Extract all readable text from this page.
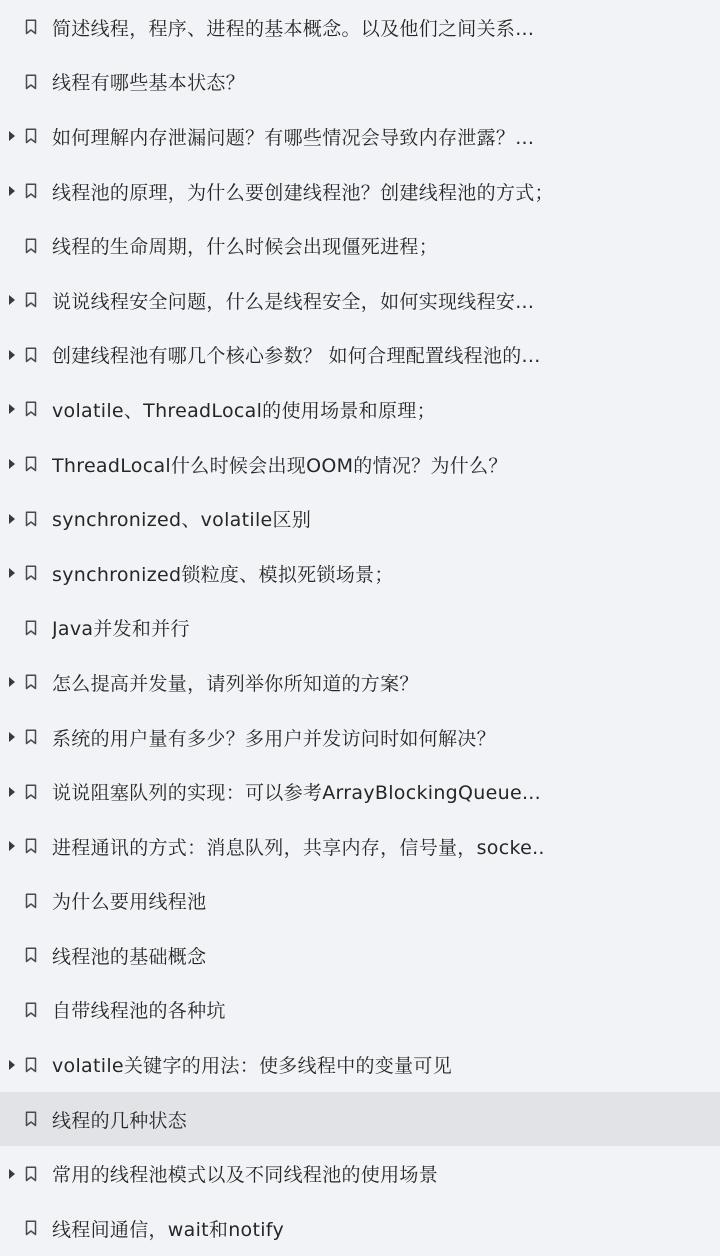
简述线程，程序、进程的基本概念。以及他们之间关系...
线程有哪些基本状态？
如何理解内存泄漏问题？有哪些情况会导致内存泄露？...
线程池的原理，为什么要创建线程池？创建线程池的方式；
线程的生命周期，什么时候会出现僵死进程；
说说线程安全问题，什么是线程安全，如何实现线程安...
创建线程池有哪几个核心参数？ 如何合理配置线程池的...
volatile、ThreadLocal的使用场景和原理；
ThreadLocal什么时候会出现OOM的情况？为什么？
synchronized、volatile区别
synchronized锁粒度、模拟死锁场景；
Java并发和并行
怎么提高并发量，请列举你所知道的方案？
系统的用户量有多少？多用户并发访问时如何解决？
说说阻塞队列的实现：可以参考ArrayBlockingQueue...
进程通讯的方式：消息队列，共享内存，信号量，socke..
为什么要用线程池
线程池的基础概念
自带线程池的各种坑
volatile关键字的用法：使多线程中的变量可见
线程的几种状态
常用的线程池模式以及不同线程池的使用场景
线程间通信，wait和notify
